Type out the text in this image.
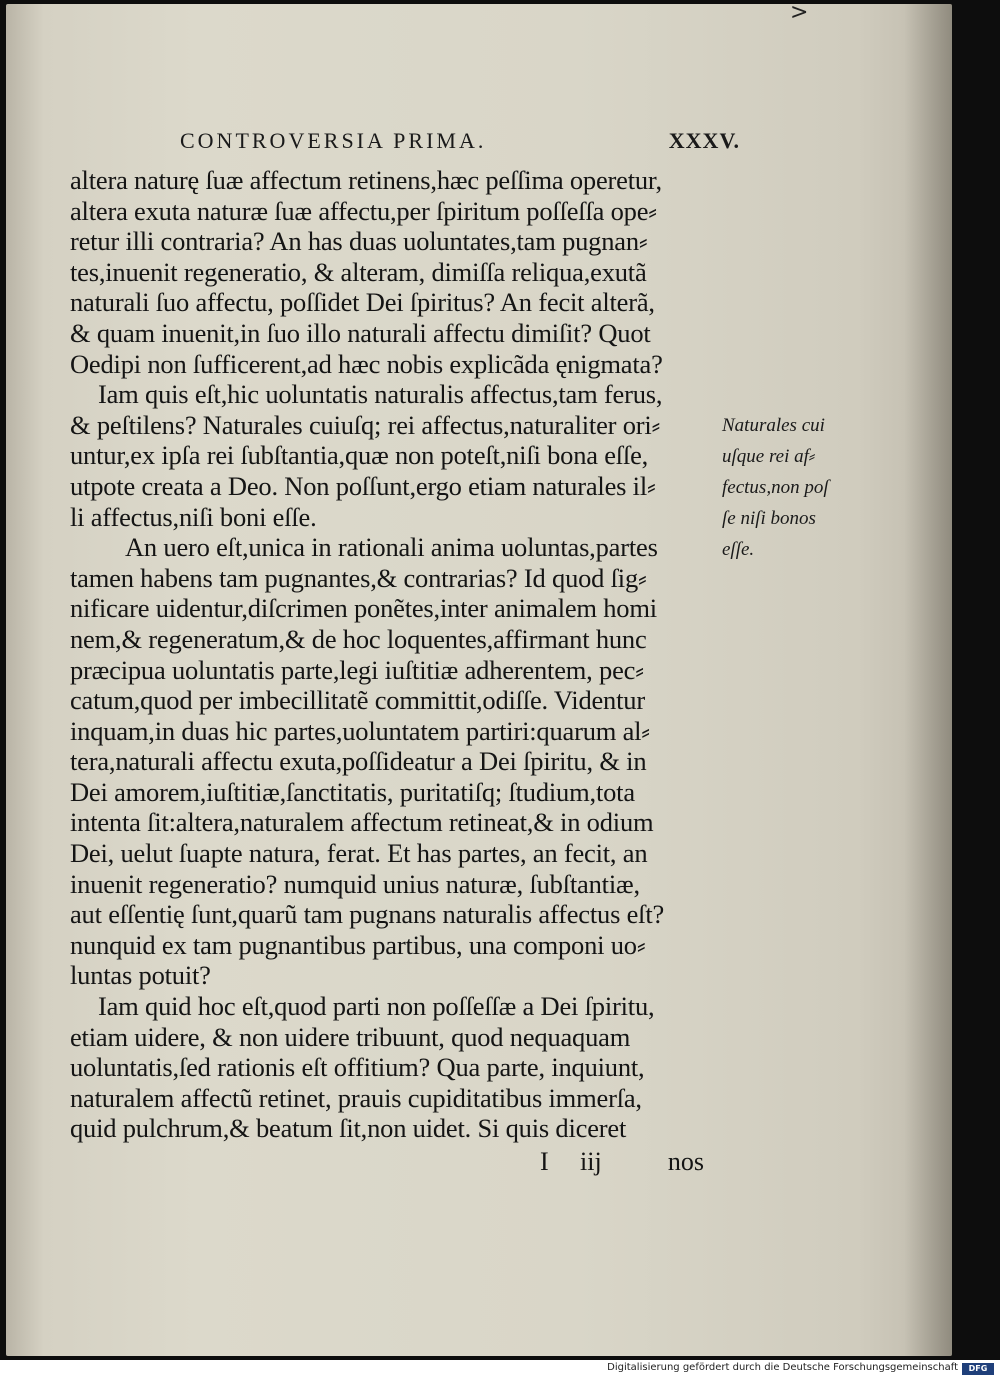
>
CONTROVERSIA PRIMA.	XXXV.
altera naturę ſuæ affectum retinens,hæc peſſima operetur,
altera exuta naturæ ſuæ affectu,per ſpiritum poſſeſſa ope⸗
retur illi contraria? An has duas uoluntates,tam pugnan⸗
tes,inuenit regeneratio, & alteram, dimiſſa reliqua,exutã
naturali ſuo affectu, poſſidet Dei ſpiritus? An fecit alterã,
& quam inuenit,in ſuo illo naturali affectu dimiſit? Quot
Oedipi non ſufficerent,ad hæc nobis explicãda ęnigmata?
Iam quis eſt,hic uoluntatis naturalis affectus,tam ferus,
& peſtilens? Naturales cuiuſq; rei affectus,naturaliter ori⸗
untur,ex ipſa rei ſubſtantia,quæ non poteſt,niſi bona eſſe,
utpote creata a Deo. Non poſſunt,ergo etiam naturales il⸗
li affectus,niſi boni eſſe.
An uero eſt,unica in rationali anima uoluntas,partes
tamen habens tam pugnantes,& contrarias? Id quod ſig⸗
nificare uidentur,diſcrimen ponẽtes,inter animalem homi
nem,& regeneratum,& de hoc loquentes,affirmant hunc
præcipua uoluntatis parte,legi iuſtitiæ adherentem, pec⸗
catum,quod per imbecillitatẽ committit,odiſſe. Videntur
inquam,in duas hic partes,uoluntatem partiri:quarum al⸗
tera,naturali affectu exuta,poſſideatur a Dei ſpiritu, & in
Dei amorem,iuſtitiæ,ſanctitatis, puritatiſq; ſtudium,tota
intenta ſit:altera,naturalem affectum retineat,& in odium
Dei, uelut ſuapte natura, ferat. Et has partes, an fecit, an
inuenit regeneratio? numquid unius naturæ, ſubſtantiæ,
aut eſſentię ſunt,quarũ tam pugnans naturalis affectus eſt?
nunquid ex tam pugnantibus partibus, una componi uo⸗
luntas potuit?
Iam quid hoc eſt,quod parti non poſſeſſæ a Dei ſpiritu,
etiam uidere, & non uidere tribuunt, quod nequaquam
uoluntatis,ſed rationis eſt offitium? Qua parte, inquiunt,
naturalem affectũ retinet, prauis cupiditatibus immerſa,
quid pulchrum,& beatum ſit,non uidet. Si quis diceret
Naturales cui
uſque rei af⸗
fectus,non poſ
ſe niſi bonos
eſſe.
I iij	nos
Digitalisierung gefördert durch die Deutsche Forschungsgemeinschaft	DFG
